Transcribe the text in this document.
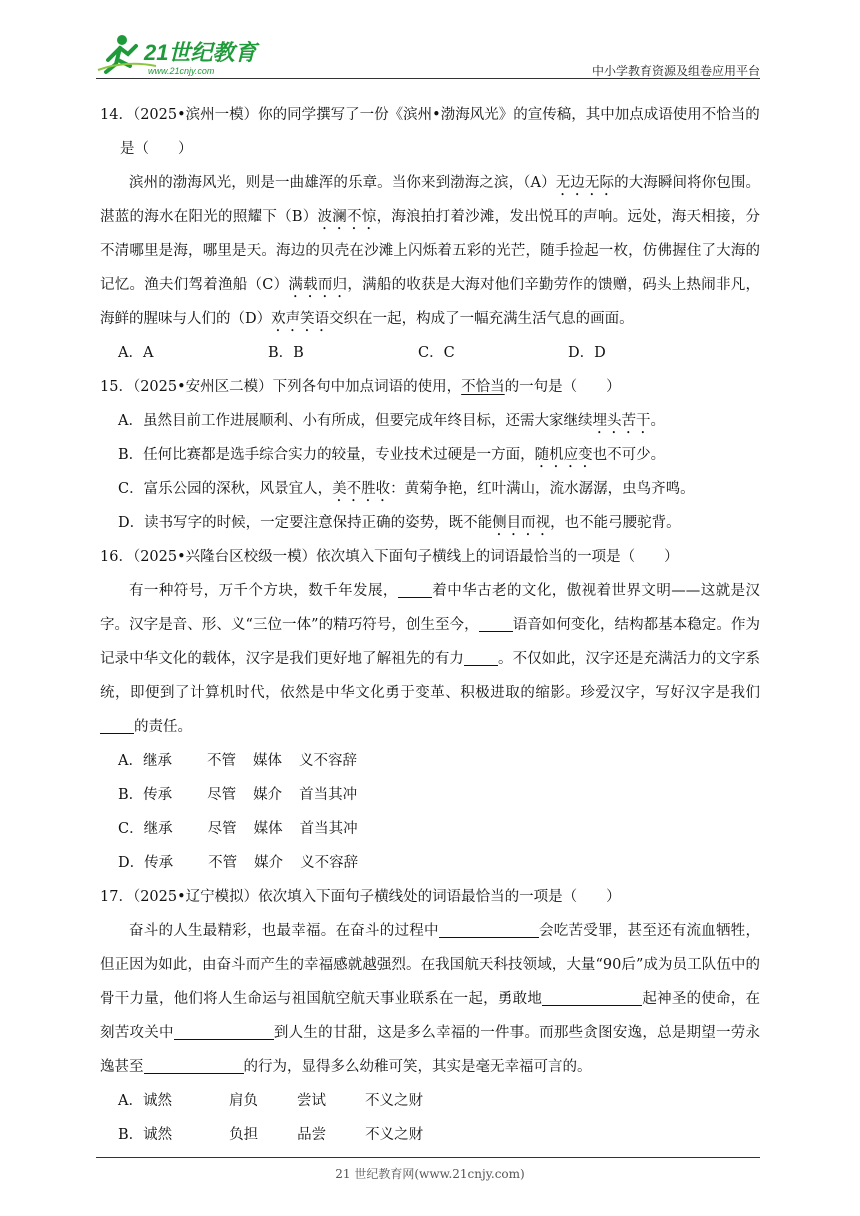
21世纪教育
www.21cnjy.com	中小学教育资源及组卷应用平台

14．（2025•滨州一模）你的同学撰写了一份《滨州•渤海风光》的宣传稿，其中加点成语使用不恰当的是（　　）

滨州的渤海风光，则是一曲雄浑的乐章。当你来到渤海之滨，（A）无边无际的大海瞬间将你包围。湛蓝的海水在阳光的照耀下（B）波澜不惊，海浪拍打着沙滩，发出悦耳的声响。远处，海天相接，分不清哪里是海，哪里是天。海边的贝壳在沙滩上闪烁着五彩的光芒，随手捡起一枚，仿佛握住了大海的记忆。渔夫们驾着渔船（C）满载而归，满船的收获是大海对他们辛勤劳作的馈赠，码头上热闹非凡，海鲜的腥味与人们的（D）欢声笑语交织在一起，构成了一幅充满生活气息的画面。

A．A	B．B	C．C	D．D

15．（2025•安州区二模）下列各句中加点词语的使用，不恰当的一句是（　　）

A．虽然目前工作进展顺利、小有所成，但要完成年终目标，还需大家继续埋头苦干。

B．任何比赛都是选手综合实力的较量，专业技术过硬是一方面，随机应变也不可少。

C．富乐公园的深秋，风景宜人，美不胜收：黄菊争艳，红叶满山，流水潺潺，虫鸟齐鸣。

D．读书写字的时候，一定要注意保持正确的姿势，既不能侧目而视，也不能弓腰驼背。

16．（2025•兴隆台区校级一模）依次填入下面句子横线上的词语最恰当的一项是（　　）

有一种符号，万千个方块，数千年发展， 着中华古老的文化，傲视着世界文明——这就是汉字。汉字是音、形、义“三位一体”的精巧符号，创生至今， 语音如何变化，结构都基本稳定。作为记录中华文化的载体，汉字是我们更好地了解祖先的有力 。不仅如此，汉字还是充满活力的文字系统，即便到了计算机时代，依然是中华文化勇于变革、积极进取的缩影。珍爱汉字，写好汉字是我们的责任。

A．继承 不管 媒体 义不容辞

B．传承 尽管 媒介 首当其冲

C．继承 尽管 媒体 首当其冲

D．传承 不管 媒介 义不容辞

17．（2025•辽宁模拟）依次填入下面句子横线处的词语最恰当的一项是（　　）

奋斗的人生最精彩，也最幸福。在奋斗的过程中	会吃苦受罪，甚至还有流血牺牲，但正因为如此，由奋斗而产生的幸福感就越强烈。在我国航天科技领域，大量“90后”成为员工队伍中的骨干力量，他们将人生命运与祖国航空航天事业联系在一起，勇敢地	起神圣的使命，在刻苦攻关中	到人生的甘甜，这是多么幸福的一件事。而那些贪图安逸，总是期望一劳永逸甚至	的行为，显得多么幼稚可笑，其实是毫无幸福可言的。

A．诚然	肩负	尝试	不义之财

B．诚然	负担	品尝	不义之财

21 世纪教育网(www.21cnjy.com)
